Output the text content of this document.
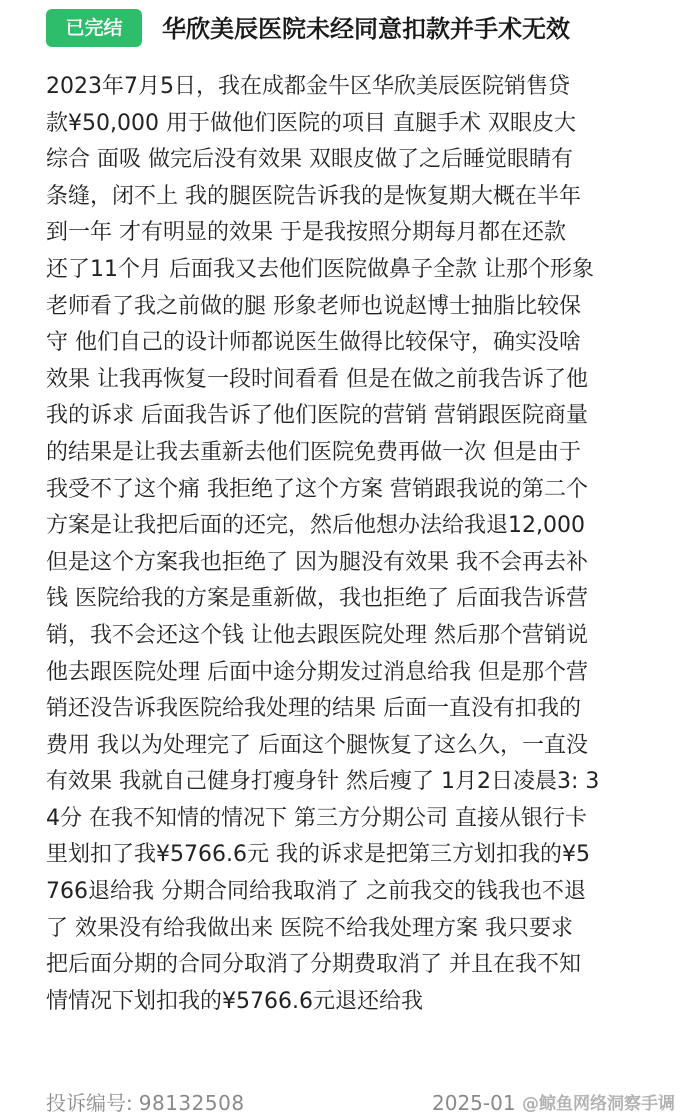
已完结	华欣美辰医院未经同意扣款并手术无效
2023年7月5日，我在成都金牛区华欣美辰医院销售贷
款¥50,000 用于做他们医院的项目 直腿手术 双眼皮大
综合 面吸 做完后没有效果 双眼皮做了之后睡觉眼睛有
条缝，闭不上 我的腿医院告诉我的是恢复期大概在半年
到一年 才有明显的效果 于是我按照分期每月都在还款
还了11个月 后面我又去他们医院做鼻子全款 让那个形象
老师看了我之前做的腿 形象老师也说赵博士抽脂比较保
守 他们自己的设计师都说医生做得比较保守，确实没啥
效果 让我再恢复一段时间看看 但是在做之前我告诉了他
我的诉求 后面我告诉了他们医院的营销 营销跟医院商量
的结果是让我去重新去他们医院免费再做一次 但是由于
我受不了这个痛 我拒绝了这个方案 营销跟我说的第二个
方案是让我把后面的还完，然后他想办法给我退12,000
但是这个方案我也拒绝了 因为腿没有效果 我不会再去补
钱 医院给我的方案是重新做，我也拒绝了 后面我告诉营
销，我不会还这个钱 让他去跟医院处理 然后那个营销说
他去跟医院处理 后面中途分期发过消息给我 但是那个营
销还没告诉我医院给我处理的结果 后面一直没有扣我的
费用 我以为处理完了 后面这个腿恢复了这么久，一直没
有效果 我就自己健身打瘦身针 然后瘦了 1月2日凌晨3: 3
4分 在我不知情的情况下 第三方分期公司 直接从银行卡
里划扣了我¥5766.6元 我的诉求是把第三方划扣我的¥5
766退给我 分期合同给我取消了 之前我交的钱我也不退
了 效果没有给我做出来 医院不给我处理方案 我只要求
把后面分期的合同分取消了分期费取消了 并且在我不知
情情况下划扣我的¥5766.6元退还给我
投诉编号: 98132508	2025-01 @鲸鱼网络洞察手调
